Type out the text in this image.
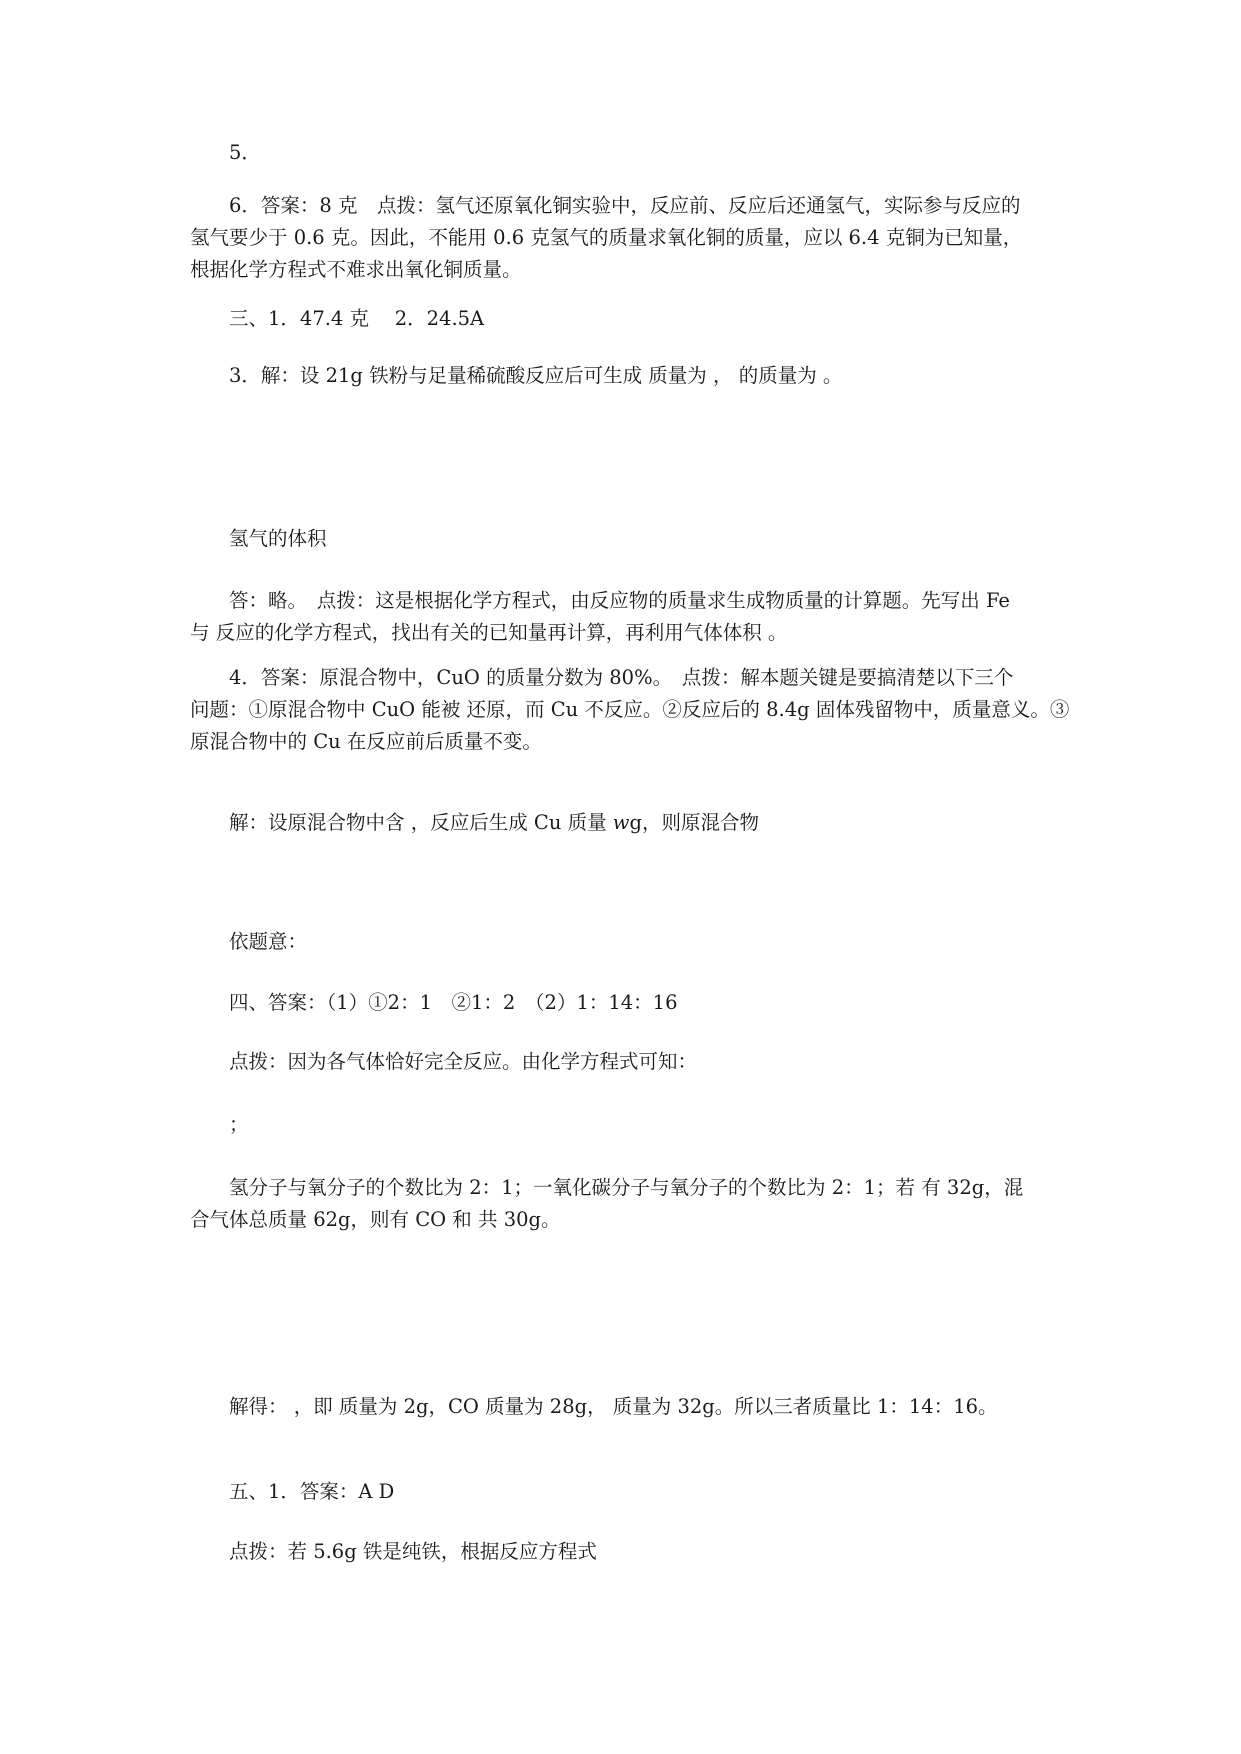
5．

6．答案：8 克　点拨：氢气还原氧化铜实验中，反应前、反应后还通氢气，实际参与反应的
氢气要少于 0.6 克。因此，不能用 0.6 克氢气的质量求氧化铜的质量，应以 6.4 克铜为已知量，
根据化学方程式不难求出氧化铜质量。

三、1．47.4 克　 2．24.5A

3．解：设 21g 铁粉与足量稀硫酸反应后可生成 质量为 ， 的质量为 。

氢气的体积

答：略。　点拨：这是根据化学方程式，由反应物的质量求生成物质量的计算题。先写出 Fe
与 反应的化学方程式，找出有关的已知量再计算，再利用气体体积 。
4．答案：原混合物中，CuO 的质量分数为 80%。　点拨：解本题关键是要搞清楚以下三个
问题：①原混合物中 CuO 能被 还原，而 Cu 不反应。②反应后的 8.4g 固体残留物中，质量意义。③
原混合物中的 Cu 在反应前后质量不变。

解：设原混合物中含 ，反应后生成 Cu 质量 wg，则原混合物

依题意：

四、答案：（1）①2：1　②1：2　（2）1：14：16

点拨：因为各气体恰好完全反应。由化学方程式可知：

；

氢分子与氧分子的个数比为 2：1；一氧化碳分子与氧分子的个数比为 2：1；若 有 32g，混
合气体总质量 62g，则有 CO 和 共 30g。

解得： ，即 质量为 2g，CO 质量为 28g， 质量为 32g。所以三者质量比 1：14：16。

五、1．答案：A D

点拨：若 5.6g 铁是纯铁，根据反应方程式
